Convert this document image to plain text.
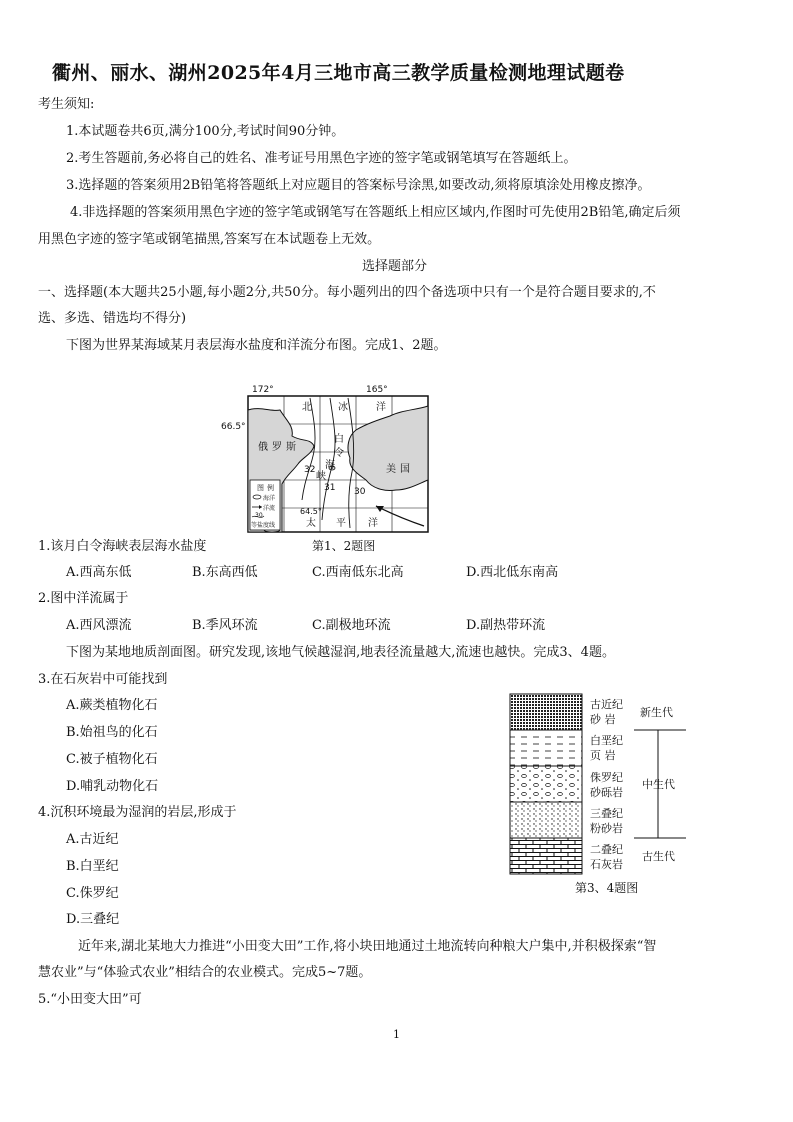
衢州、丽水、湖州2025年4月三地市高三教学质量检测地理试题卷
考生须知:
1.本试题卷共6页,满分100分,考试时间90分钟。
2.考生答题前,务必将自己的姓名、准考证号用黑色字迹的签字笔或钢笔填写在答题纸上。
3.选择题的答案须用2B铅笔将答题纸上对应题目的答案标号涂黑,如要改动,须将原填涂处用橡皮擦净。
4.非选择题的答案须用黑色字迹的签字笔或钢笔写在答题纸上相应区域内,作图时可先使用2B铅笔,确定后须
用黑色字迹的签字笔或钢笔描黑,答案写在本试题卷上无效。
选择题部分
一、选择题(本大题共25小题,每小题2分,共50分。每小题列出的四个备选项中只有一个是符合题目要求的,不
选、多选、错选均不得分)
下图为世界某海域某月表层海水盐度和洋流分布图。完成1、2题。
172°	165°
66.5°
图 例
海洋
洋流
30
等盐度线
北	冰	洋
白
令
海
峡
俄 罗 斯
美 国
太 平 洋
32
31 30
64.5°
第1、2题图
1.该月白令海峡表层海水盐度
A.西高东低	B.东高西低	C.西南低东北高	D.西北低东南高
2.图中洋流属于
A.西风漂流	B.季风环流	C.副极地环流	D.副热带环流
下图为某地地质剖面图。研究发现,该地气候越湿润,地表径流量越大,流速也越快。完成3、4题。
3.在石灰岩中可能找到
A.蕨类植物化石
B.始祖鸟的化石
C.被子植物化石
D.哺乳动物化石
4.沉积环境最为湿润的岩层,形成于
A.古近纪
B.白垩纪
C.侏罗纪
D.三叠纪
古近纪
砂 岩
白垩纪
页 岩
侏罗纪
砂砾岩
三叠纪
粉砂岩
二叠纪
石灰岩
新生代
中生代
古生代
第3、4题图
近年来,湖北某地大力推进“小田变大田”工作,将小块田地通过土地流转向种粮大户集中,并积极探索“智
慧农业”与“体验式农业”相结合的农业模式。完成5~7题。
5.“小田变大田”可
1
